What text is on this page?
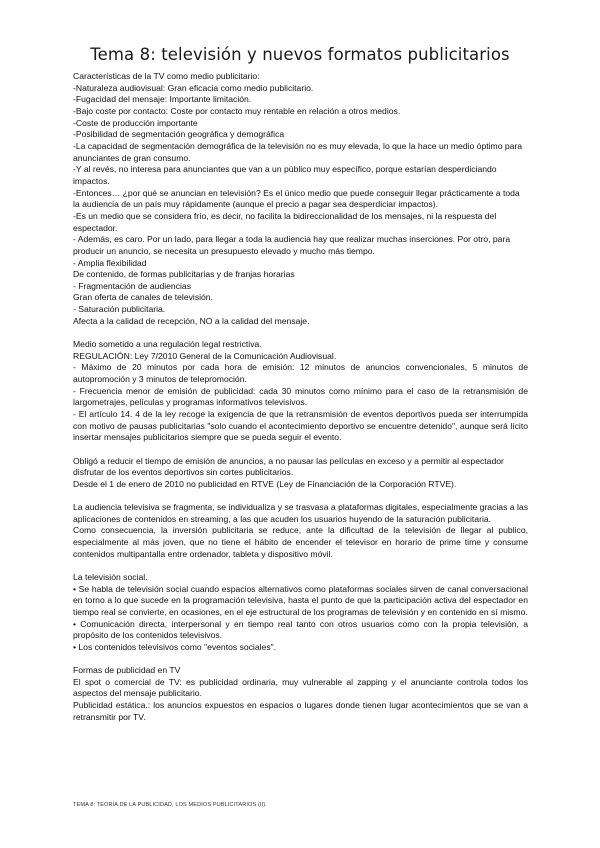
Tema 8: televisión y nuevos formatos publicitarios

Características de la TV como medio publicitario:

-Naturaleza audiovisual: Gran eficacia como medio publicitario.

-Fugacidad del mensaje: Importante limitación.

-Bajo coste por contacto: Coste por contacto muy rentable en relación a otros medios.

-Coste de producción importante

-Posibilidad de segmentación geográfica y demográfica

-La capacidad de segmentación demográfica de la televisión no es muy elevada, lo que la hace un medio óptimo para anunciantes de gran consumo.

-Y al revés, no interesa para anunciantes que van a un público muy específico, porque estarían desperdiciando impactos.

-Entonces… ¿por qué se anuncian en televisión? Es el único medio que puede conseguir llegar prácticamente a toda la audiencia de un país muy rápidamente (aunque el precio a pagar sea desperdiciar impactos).

-Es un medio que se considera frío, es decir, no facilita la bidireccionalidad de los mensajes, ni la respuesta del espectador.

- Además, es caro. Por un lado, para llegar a toda la audiencia hay que realizar muchas inserciones. Por otro, para producir un anuncio, se necesita un presupuesto elevado y mucho más tiempo.

- Amplia flexibilidad

De contenido, de formas publicitarias y de franjas horarias

- Fragmentación de audiencias

Gran oferta de canales de televisión.

- Saturación publicitaria.

Afecta a la calidad de recepción, NO a la calidad del mensaje.

Medio sometido a una regulación legal restrictiva.

REGULACIÓN: Ley 7/2010 General de la Comunicación Audiovisual.

- Máximo de 20 minutos por cada hora de emisión: 12 minutos de anuncios convencionales, 5 minutos de autopromoción y 3 minutos de telepromoción.

- Frecuencia menor de emisión de publicidad: cada 30 minutos como mínimo para el caso de la retransmisión de largometrajes, películas y programas informativos televisivos.

- El artículo 14. 4 de la ley recoge la exigencia de que la retransmisión de eventos deportivos pueda ser interrumpida con motivo de pausas publicitarias "solo cuando el acontecimiento deportivo se encuentre detenido", aunque será lícito insertar mensajes publicitarios siempre que se pueda seguir el evento.

Obligó a reducir el tiempo de emisión de anuncios, a no pausar las películas en exceso y a permitir al espectador disfrutar de los eventos deportivos sin cortes publicitarios.

Desde el 1 de enero de 2010 no publicidad en RTVE (Ley de Financiación de la Corporación RTVE).

La audiencia televisiva se fragmenta, se individualiza y se trasvasa a plataformas digitales, especialmente gracias a las aplicaciones de contenidos en streaming, a las que acuden los usuarios huyendo de la saturación publicitaria.

Como consecuencia, la inversión publicitaria se reduce, ante la dificultad de la televisión de llegar al publico, especialmente al más joven, que no tiene el hábito de encender el televisor en horario de prime time y consume contenidos multipantalla entre ordenador, tableta y dispositivo móvil.

La televisión social.

• Se habla de televisión social cuando espacios alternativos como plataformas sociales sirven de canal conversacional en torno a lo que sucede en la programación televisiva, hasta el punto de que la participación activa del espectador en tiempo real se convierte, en ocasiones, en el eje estructural de los programas de televisión y en contenido en sí mismo.

• Comunicación directa, interpersonal y en tiempo real tanto con otros usuarios como con la propia televisión, a propósito de los contenidos televisivos.

• Los contenidos televisivos como "eventos sociales".

Formas de publicidad en TV

El spot o comercial de TV: es publicidad ordinaria, muy vulnerable al zapping y el anunciante controla todos los aspectos del mensaje publicitario.

Publicidad estática.: los anuncios expuestos en espacios o lugares donde tienen lugar acontecimientos que se van a retransmitir por TV.

TEMA 8: TEORÍA DE LA PUBLICIDAD, LOS MEDIOS PUBLICITARIOS (II).
